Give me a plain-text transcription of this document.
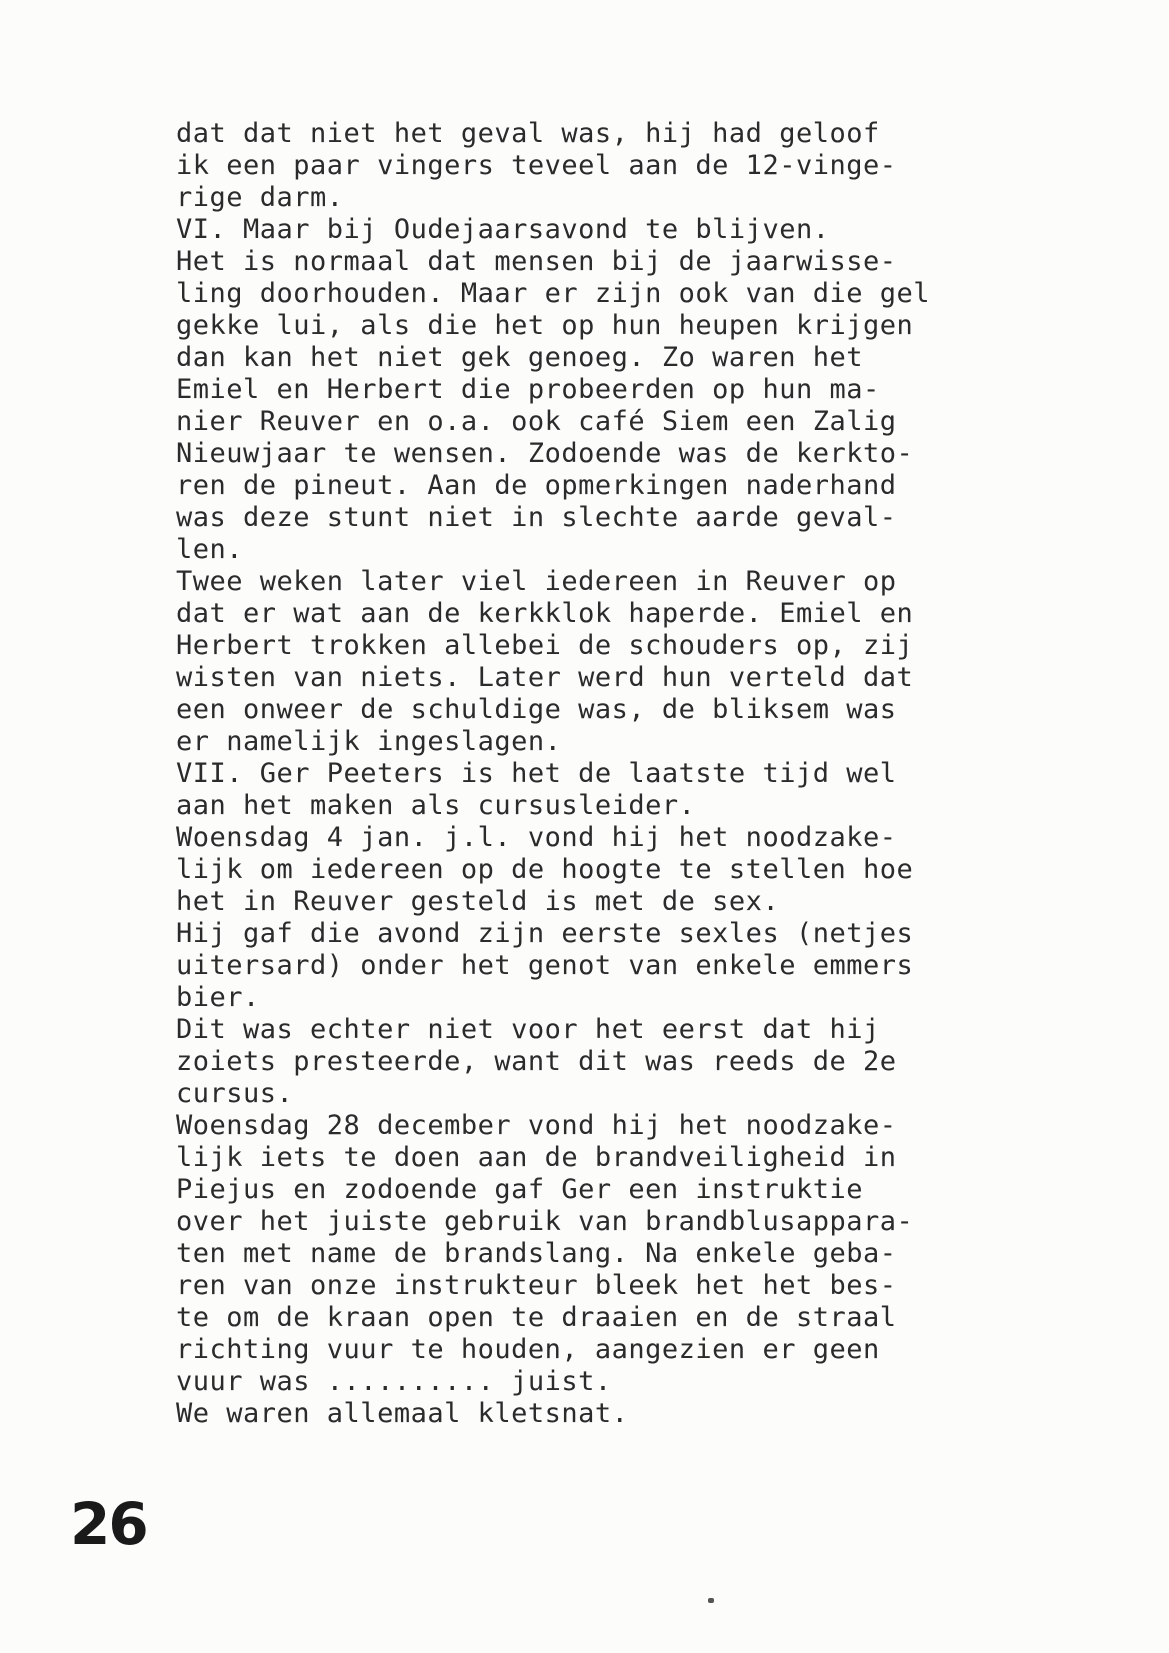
dat dat niet het geval was, hij had geloof
ik een paar vingers teveel aan de 12-vinge-
rige darm.

VI. Maar bij Oudejaarsavond te blijven.
Het is normaal dat mensen bij de jaarwisse-
ling doorhouden. Maar er zijn ook van die gel
gekke lui, als die het op hun heupen krijgen
dan kan het niet gek genoeg. Zo waren het
Emiel en Herbert die probeerden op hun ma-
nier Reuver en o.a. ook café Siem een Zalig
Nieuwjaar te wensen. Zodoende was de kerkto-
ren de pineut. Aan de opmerkingen naderhand
was deze stunt niet in slechte aarde geval-
len.
Twee weken later viel iedereen in Reuver op
dat er wat aan de kerkklok haperde. Emiel en
Herbert trokken allebei de schouders op, zij
wisten van niets. Later werd hun verteld dat
een onweer de schuldige was, de bliksem was
er namelijk ingeslagen.

VII. Ger Peeters is het de laatste tijd wel
aan het maken als cursusleider.
Woensdag 4 jan. j.l. vond hij het noodzake-
lijk om iedereen op de hoogte te stellen hoe
het in Reuver gesteld is met de sex.
Hij gaf die avond zijn eerste sexles (netjes
uitersard) onder het genot van enkele emmers
bier.
Dit was echter niet voor het eerst dat hij
zoiets presteerde, want dit was reeds de 2e
cursus.
Woensdag 28 december vond hij het noodzake-
lijk iets te doen aan de brandveiligheid in
Piejus en zodoende gaf Ger een instruktie
over het juiste gebruik van brandblusappara-
ten met name de brandslang. Na enkele geba-
ren van onze instrukteur bleek het het bes-
te om de kraan open te draaien en de straal
richting vuur te houden, aangezien er geen
vuur was .......... juist.
We waren allemaal kletsnat.

26
